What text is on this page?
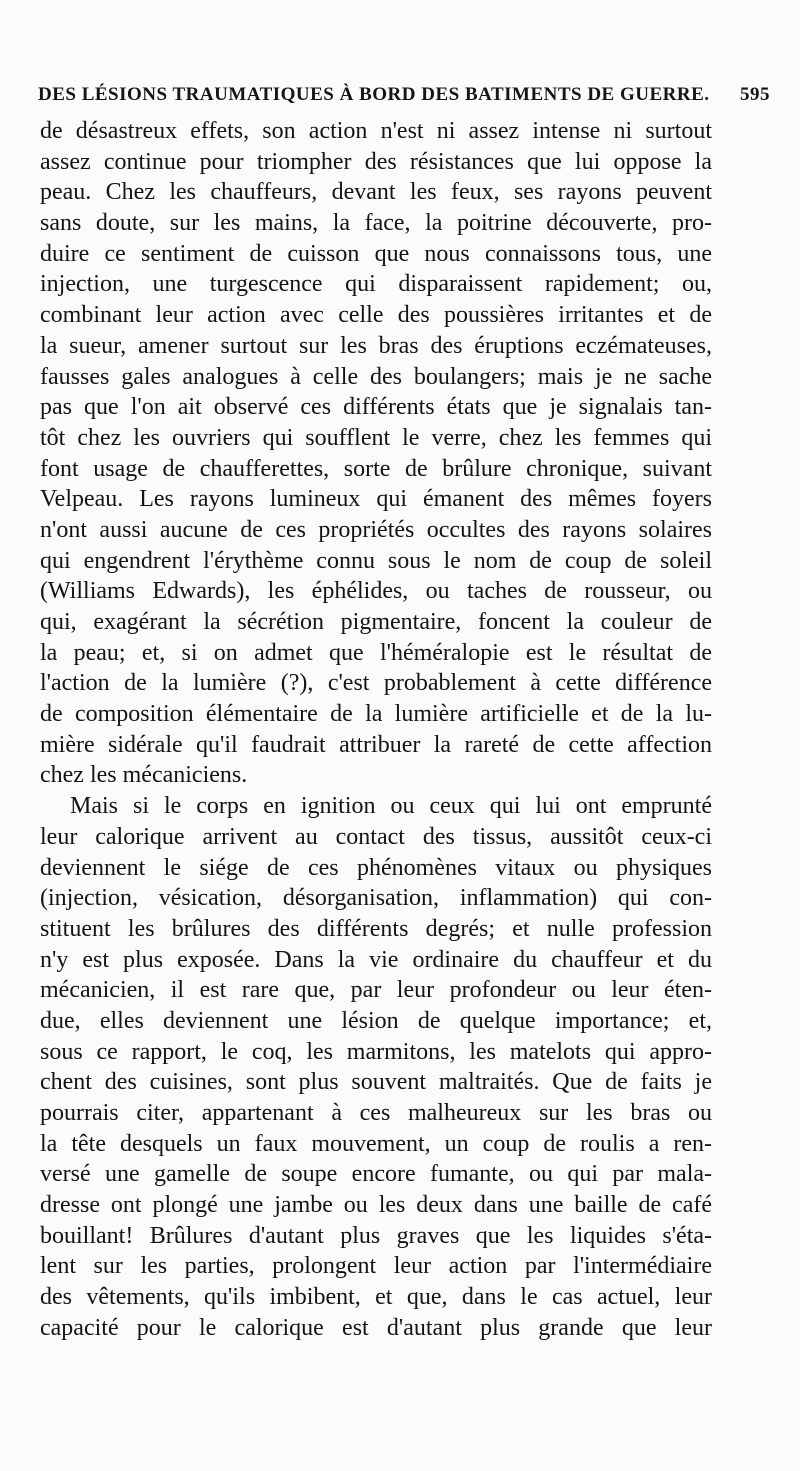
DES LÉSIONS TRAUMATIQUES À BORD DES BATIMENTS DE GUERRE. 595
de désastreux effets, son action n'est ni assez intense ni surtout
assez continue pour triompher des résistances que lui oppose la
peau. Chez les chauffeurs, devant les feux, ses rayons peuvent
sans doute, sur les mains, la face, la poitrine découverte, pro-
duire ce sentiment de cuisson que nous connaissons tous, une
injection, une turgescence qui disparaissent rapidement; ou,
combinant leur action avec celle des poussières irritantes et de
la sueur, amener surtout sur les bras des éruptions eczémateuses,
fausses gales analogues à celle des boulangers; mais je ne sache
pas que l'on ait observé ces différents états que je signalais tan-
tôt chez les ouvriers qui soufflent le verre, chez les femmes qui
font usage de chaufferettes, sorte de brûlure chronique, suivant
Velpeau. Les rayons lumineux qui émanent des mêmes foyers
n'ont aussi aucune de ces propriétés occultes des rayons solaires
qui engendrent l'érythème connu sous le nom de coup de soleil
(Williams Edwards), les éphélides, ou taches de rousseur, ou
qui, exagérant la sécrétion pigmentaire, foncent la couleur de
la peau; et, si on admet que l'héméralopie est le résultat de
l'action de la lumière (?), c'est probablement à cette différence
de composition élémentaire de la lumière artificielle et de la lu-
mière sidérale qu'il faudrait attribuer la rareté de cette affection
chez les mécaniciens.
Mais si le corps en ignition ou ceux qui lui ont emprunté
leur calorique arrivent au contact des tissus, aussitôt ceux-ci
deviennent le siége de ces phénomènes vitaux ou physiques
(injection, vésication, désorganisation, inflammation) qui con-
stituent les brûlures des différents degrés; et nulle profession
n'y est plus exposée. Dans la vie ordinaire du chauffeur et du
mécanicien, il est rare que, par leur profondeur ou leur éten-
due, elles deviennent une lésion de quelque importance; et,
sous ce rapport, le coq, les marmitons, les matelots qui appro-
chent des cuisines, sont plus souvent maltraités. Que de faits je
pourrais citer, appartenant à ces malheureux sur les bras ou
la tête desquels un faux mouvement, un coup de roulis a ren-
versé une gamelle de soupe encore fumante, ou qui par mala-
dresse ont plongé une jambe ou les deux dans une baille de café
bouillant! Brûlures d'autant plus graves que les liquides s'éta-
lent sur les parties, prolongent leur action par l'intermédiaire
des vêtements, qu'ils imbibent, et que, dans le cas actuel, leur
capacité pour le calorique est d'autant plus grande que leur
